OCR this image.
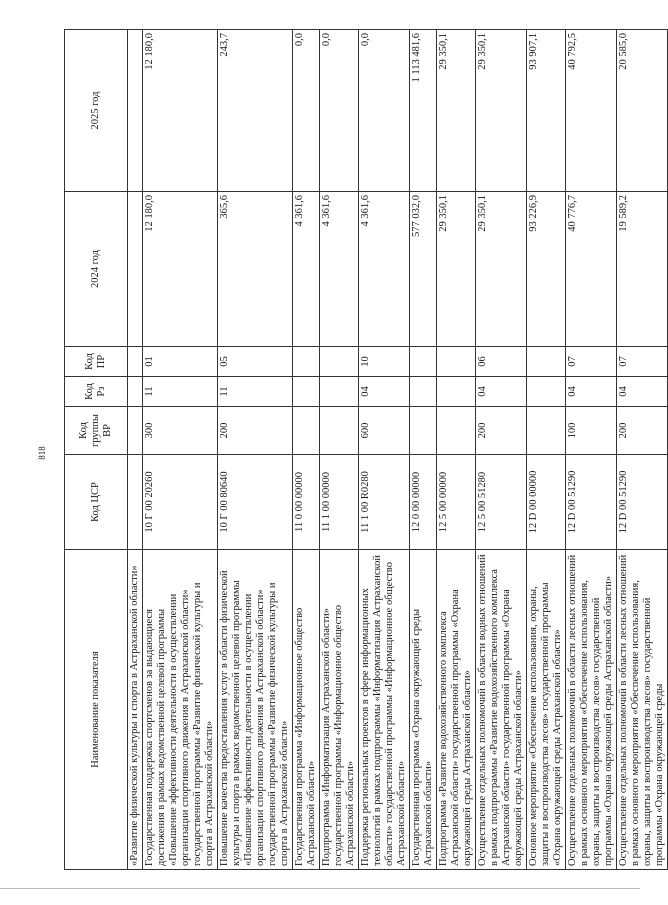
818
Наименование показателя	Код ЦСР	Код группы ВР	Код Рз	Код ПР	2024 год	2025 год
«Развитие физической культуры и спорта в Астраханской области»						
Государственная поддержка спортсменов за выдающиеся достижения в рамках ведомственной целевой программы «Повышение эффективности деятельности в осуществлении организации спортивного движения в Астраханской области» государственной программы «Развитие физической культуры и спорта в Астраханской области»	10 Г 00 20260	300	11	01	12 180,0	12 180,0
Повышение качества предоставления услуг в области физической культуры и спорта в рамках ведомственной целевой программы «Повышение эффективности деятельности в осуществлении организации спортивного движения в Астраханской области» государственной программы «Развитие физической культуры и спорта в Астраханской области»	10 Г 00 80640	200	11	05	365,6	243,7
Государственная программа «Информационное общество Астраханской области»	11 0 00 00000				4 361,6	0,0
Подпрограмма «Информатизация Астраханской области» государственной программы «Информационное общество Астраханской области»	11 1 00 00000				4 361,6	0,0
Поддержка региональных проектов в сфере информационных технологий в рамках подпрограммы «Информатизация Астраханской области» государственной программы «Информационное общество Астраханской области»	11 1 00 R0280	600	04	10	4 361,6	0,0
Государственная программа «Охрана окружающей среды Астраханской области»	12 0 00 00000				577 032,0	1 113 481,6
Подпрограмма «Развитие водохозяйственного комплекса Астраханской области» государственной программы «Охрана окружающей среды Астраханской области»	12 5 00 00000				29 350,1	29 350,1
Осуществление отдельных полномочий в области водных отношений в рамках подпрограммы «Развитие водохозяйственного комплекса Астраханской области» государственной программы «Охрана окружающей среды Астраханской области»	12 5 00 51280	200	04	06	29 350,1	29 350,1
Основное мероприятие «Обеспечение использования, охраны, защиты и воспроизводства лесов» государственной программы «Охрана окружающей среды Астраханской области»	12 D 00 00000				93 226,9	93 907,1
Осуществление отдельных полномочий в области лесных отношений в рамках основного мероприятия «Обеспечение использования, охраны, защиты и воспроизводства лесов» государственной программы «Охрана окружающей среды Астраханской области»	12 D 00 51290	100	04	07	40 776,7	40 792,5
Осуществление отдельных полномочий в области лесных отношений в рамках основного мероприятия «Обеспечение использования, охраны, защиты и воспроизводства лесов» государственной программы «Охрана окружающей среды	12 D 00 51290	200	04	07	19 589,2	20 585,0
